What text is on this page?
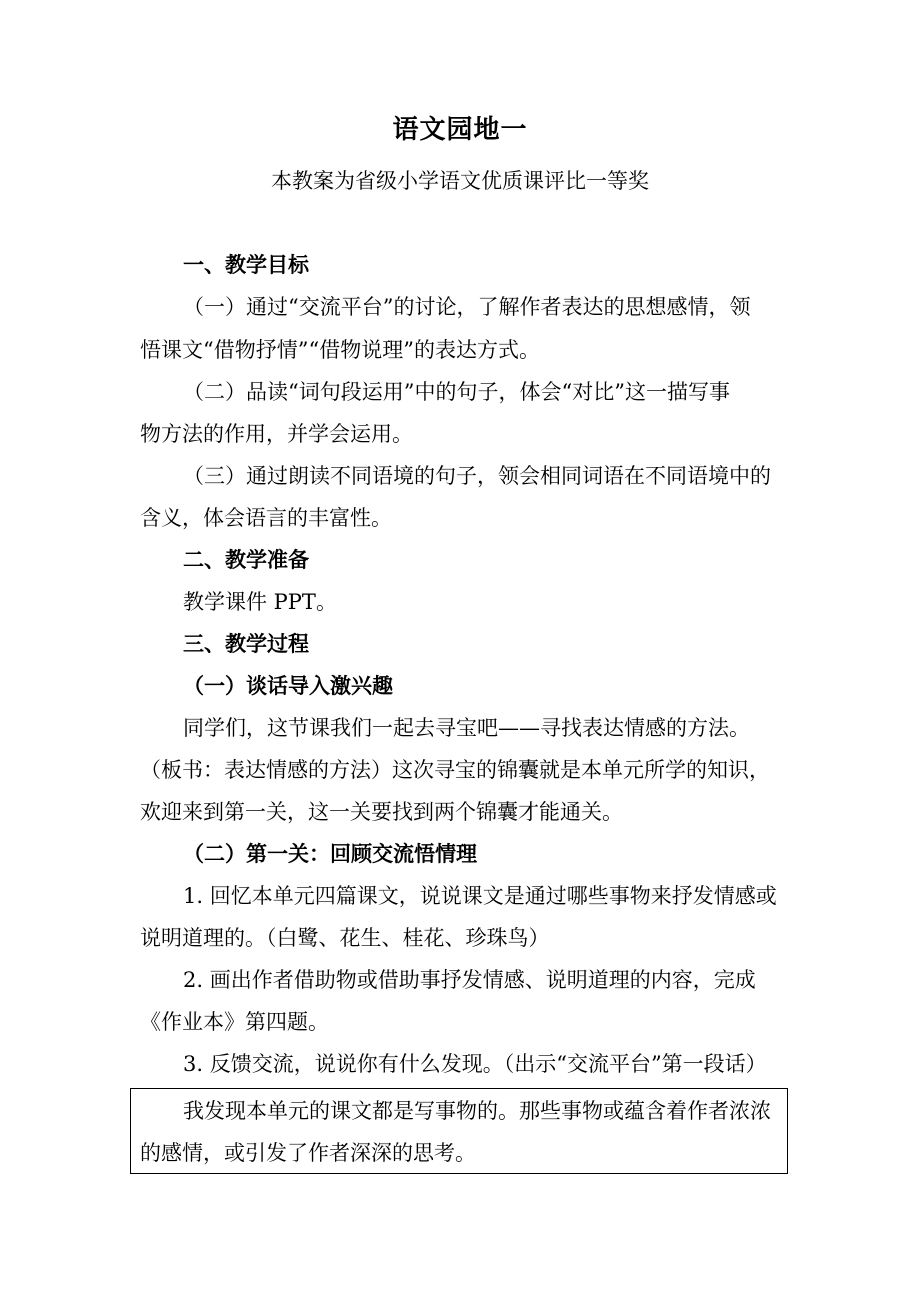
语文园地一
本教案为省级小学语文优质课评比一等奖
一、教学目标
（一）通过“交流平台”的讨论，了解作者表达的思想感情，领
悟课文“借物抒情”“借物说理”的表达方式。
（二）品读“词句段运用”中的句子，体会“对比”这一描写事
物方法的作用，并学会运用。
（三）通过朗读不同语境的句子，领会相同词语在不同语境中的
含义，体会语言的丰富性。
二、教学准备
教学课件 PPT。
三、教学过程
（一）谈话导入激兴趣
同学们，这节课我们一起去寻宝吧——寻找表达情感的方法。
（板书：表达情感的方法）这次寻宝的锦囊就是本单元所学的知识，
欢迎来到第一关，这一关要找到两个锦囊才能通关。
（二）第一关：回顾交流悟情理
1. 回忆本单元四篇课文，说说课文是通过哪些事物来抒发情感或
说明道理的。（白鹭、花生、桂花、珍珠鸟）
2. 画出作者借助物或借助事抒发情感、说明道理的内容，完成
《作业本》第四题。
3. 反馈交流，说说你有什么发现。（出示“交流平台”第一段话）
我发现本单元的课文都是写事物的。那些事物或蕴含着作者浓浓
的感情，或引发了作者深深的思考。
